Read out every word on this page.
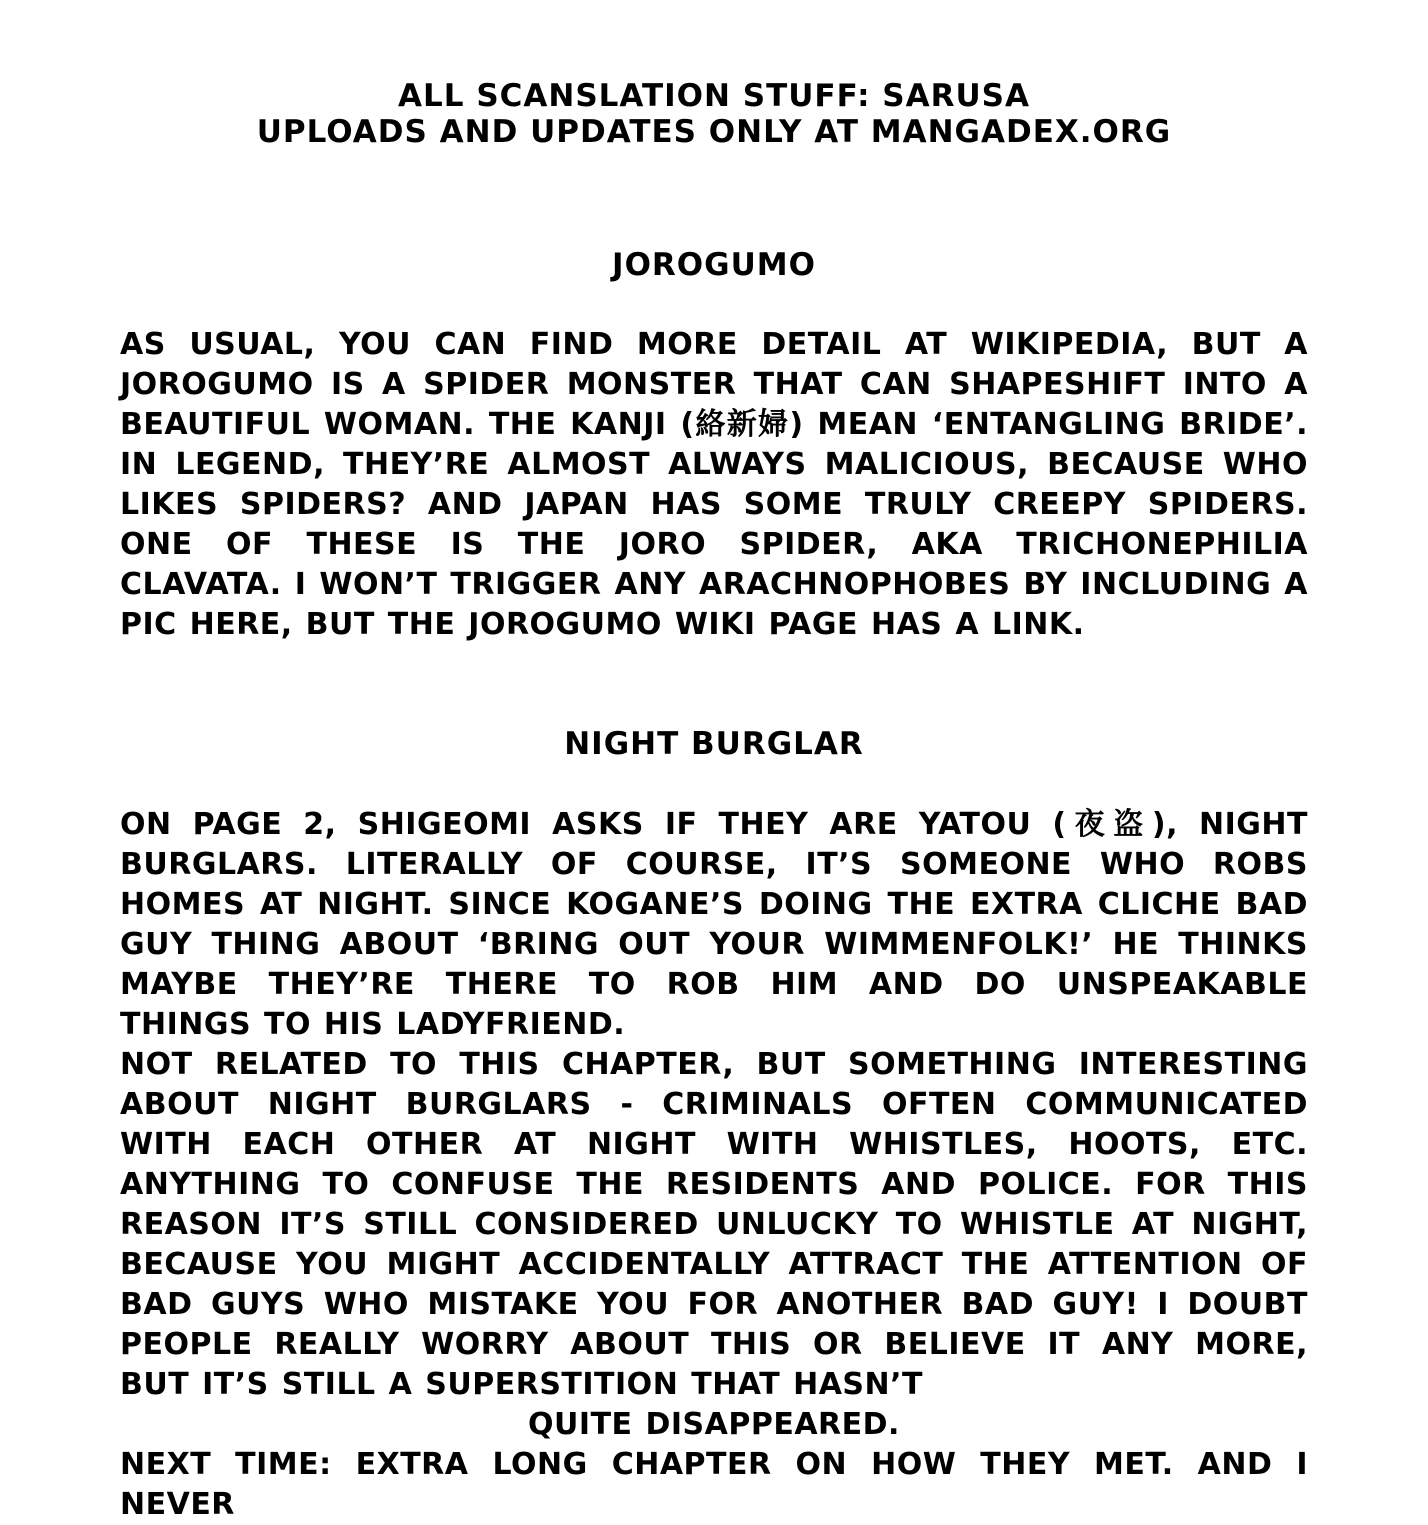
ALL SCANSLATION STUFF: SARUSA
UPLOADS AND UPDATES ONLY AT MANGADEX.ORG
JOROGUMO
AS USUAL, YOU CAN FIND MORE DETAIL AT WIKIPEDIA, BUT A JOROGUMO IS A SPIDER MONSTER THAT CAN SHAPESHIFT INTO A BEAUTIFUL WOMAN. THE KANJI (絡新婦) MEAN ‘ENTANGLING BRIDE’. IN LEGEND, THEY’RE ALMOST ALWAYS MALICIOUS, BECAUSE WHO LIKES SPIDERS? AND JAPAN HAS SOME TRULY CREEPY SPIDERS. ONE OF THESE IS THE JORO SPIDER, AKA TRICHONEPHILIA CLAVATA. I WON’T TRIGGER ANY ARACHNOPHOBES BY INCLUDING A PIC HERE, BUT THE JOROGUMO WIKI PAGE HAS A LINK.
NIGHT BURGLAR
ON PAGE 2, SHIGEOMI ASKS IF THEY ARE YATOU (夜盗), NIGHT BURGLARS. LITERALLY OF COURSE, IT’S SOMEONE WHO ROBS HOMES AT NIGHT. SINCE KOGANE’S DOING THE EXTRA CLICHE BAD GUY THING ABOUT ‘BRING OUT YOUR WIMMENFOLK!’ HE THINKS MAYBE THEY’RE THERE TO ROB HIM AND DO UNSPEAKABLE THINGS TO HIS LADYFRIEND.
NOT RELATED TO THIS CHAPTER, BUT SOMETHING INTERESTING ABOUT NIGHT BURGLARS - CRIMINALS OFTEN COMMUNICATED WITH EACH OTHER AT NIGHT WITH WHISTLES, HOOTS, ETC. ANYTHING TO CONFUSE THE RESIDENTS AND POLICE. FOR THIS REASON IT’S STILL CONSIDERED UNLUCKY TO WHISTLE AT NIGHT, BECAUSE YOU MIGHT ACCIDENTALLY ATTRACT THE ATTENTION OF BAD GUYS WHO MISTAKE YOU FOR ANOTHER BAD GUY! I DOUBT PEOPLE REALLY WORRY ABOUT THIS OR BELIEVE IT ANY MORE, BUT IT’S STILL A SUPERSTITION THAT HASN’T
QUITE DISAPPEARED.
NEXT TIME: EXTRA LONG CHAPTER ON HOW THEY MET. AND I NEVER
